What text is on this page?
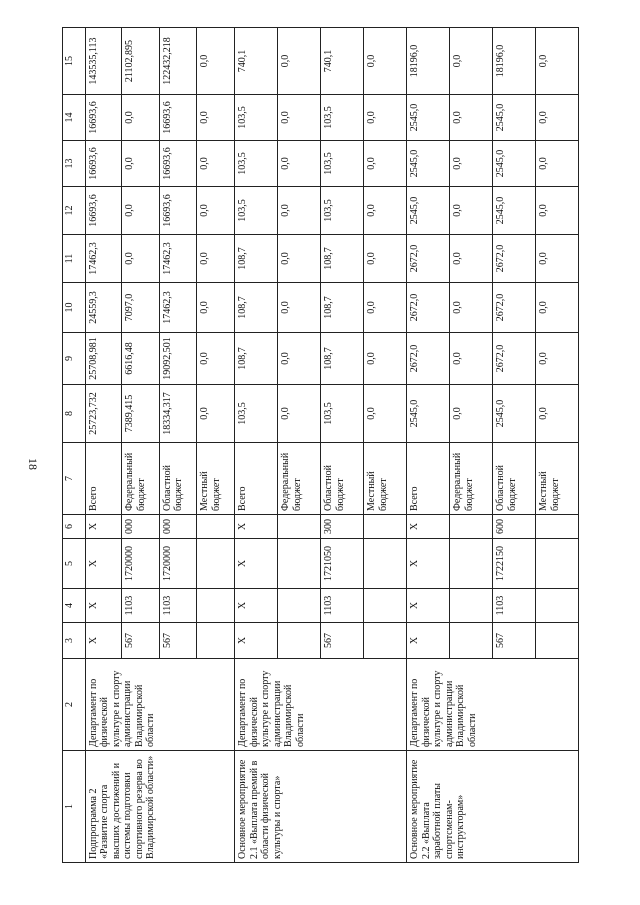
18
1	2	3	4	5	6	7	8	9	10	11	12	13	14	15
Подпрограмма 2 «Развитие спорта высших достижений и системы подготовки спортивного резерва во Владимирской области»	Департамент по физической культуре и спорту администрации Владимирской области	X	X	X	X	Всего	25723,732	25708,981	24559,3	17462,3	16693,6	16693,6	16693,6	143535,113
		567	1103	1720000	000	Федеральный бюджет	7389,415	6616,48	7097,0	0,0	0,0	0,0	0,0	21102,895
		567	1103	1720000	000	Областной бюджет	18334,317	19092,501	17462,3	17462,3	16693,6	16693,6	16693,6	122432,218
						Местный бюджет	0,0	0,0	0,0	0,0	0,0	0,0	0,0	0,0
Основное мероприятие 2.1 «Выплата премий в области физической культуры и спорта»	Департамент по физической культуре и спорту администрации Владимирской области	X	X	X	X	Всего	103,5	108,7	108,7	108,7	103,5	103,5	103,5	740,1
						Федеральный бюджет	0,0	0,0	0,0	0,0	0,0	0,0	0,0	0,0
		567	1103	1721050	300	Областной бюджет	103,5	108,7	108,7	108,7	103,5	103,5	103,5	740,1
						Местный бюджет	0,0	0,0	0,0	0,0	0,0	0,0	0,0	0,0
Основное мероприятие 2.2 «Выплата заработной платы спортсменам-инструкторам»	Департамент по физической культуре и спорту администрации Владимирской области	X	X	X	X	Всего	2545,0	2672,0	2672,0	2672,0	2545,0	2545,0	2545,0	18196,0
						Федеральный бюджет	0,0	0,0	0,0	0,0	0,0	0,0	0,0	0,0
		567	1103	1722150	600	Областной бюджет	2545,0	2672,0	2672,0	2672,0	2545,0	2545,0	2545,0	18196,0
						Местный бюджет	0,0	0,0	0,0	0,0	0,0	0,0	0,0	0,0
